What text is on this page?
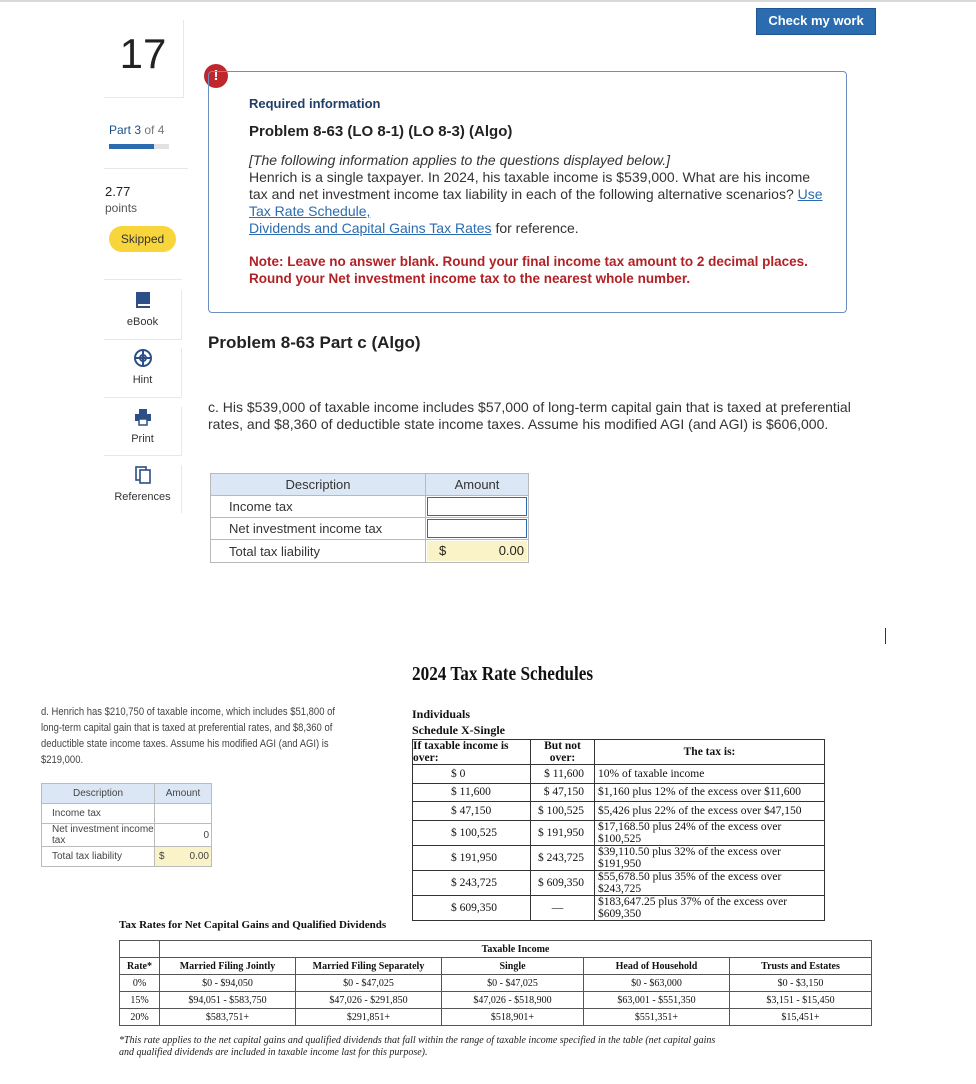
Check my work
17
Part 3 of 4
2.77
points
Skipped
eBook
Hint
Print
References
!
Required information
Problem 8-63 (LO 8-1) (LO 8-3) (Algo)
[The following information applies to the questions displayed below.]
Henrich is a single taxpayer. In 2024, his taxable income is $539,000. What are his income tax and net investment income tax liability in each of the following alternative scenarios? Use Tax Rate Schedule,
Dividends and Capital Gains Tax Rates for reference.
Note: Leave no answer blank. Round your final income tax amount to 2 decimal places. Round your Net investment income tax to the nearest whole number.
Problem 8-63 Part c (Algo)
c. His $539,000 of taxable income includes $57,000 of long-term capital gain that is taxed at preferential rates, and $8,360 of deductible state income taxes. Assume his modified AGI (and AGI) is $606,000.
Description	Amount
Income tax	

Net investment income tax	

Total tax liability	$ 0.00
d. Henrich has $210,750 of taxable income, which includes $51,800 of long-term capital gain that is taxed at preferential rates, and $8,360 of deductible state income taxes. Assume his modified AGI (and AGI) is $219,000.
Description	Amount
Income tax	
Net investment income tax	0
Total tax liability	$ 0.00
2024 Tax Rate Schedules
Individuals
Schedule X-Single
If taxable income is over:	But not over:	The tax is:
$ 0	$ 11,600	10% of taxable income
$ 11,600	$ 47,150	$1,160 plus 12% of the excess over $11,600
$ 47,150	$ 100,525	$5,426 plus 22% of the excess over $47,150
$ 100,525	$ 191,950	$17,168.50 plus 24% of the excess over $100,525
$ 191,950	$ 243,725	$39,110.50 plus 32% of the excess over $191,950
$ 243,725	$ 609,350	$55,678.50 plus 35% of the excess over $243,725
$ 609,350	—	$183,647.25 plus 37% of the excess over $609,350
Tax Rates for Net Capital Gains and Qualified Dividends
	Taxable Income				
Rate*	Married Filing Jointly	Married Filing Separately	Single	Head of Household	Trusts and Estates
0%	$0 - $94,050	$0 - $47,025	$0 - $47,025	$0 - $63,000	$0 - $3,150
15%	$94,051 - $583,750	$47,026 - $291,850	$47,026 - $518,900	$63,001 - $551,350	$3,151 - $15,450
20%	$583,751+	$291,851+	$518,901+	$551,351+	$15,451+
*This rate applies to the net capital gains and qualified dividends that fall within the range of taxable income specified in the table (net capital gains and qualified dividends are included in taxable income last for this purpose).
